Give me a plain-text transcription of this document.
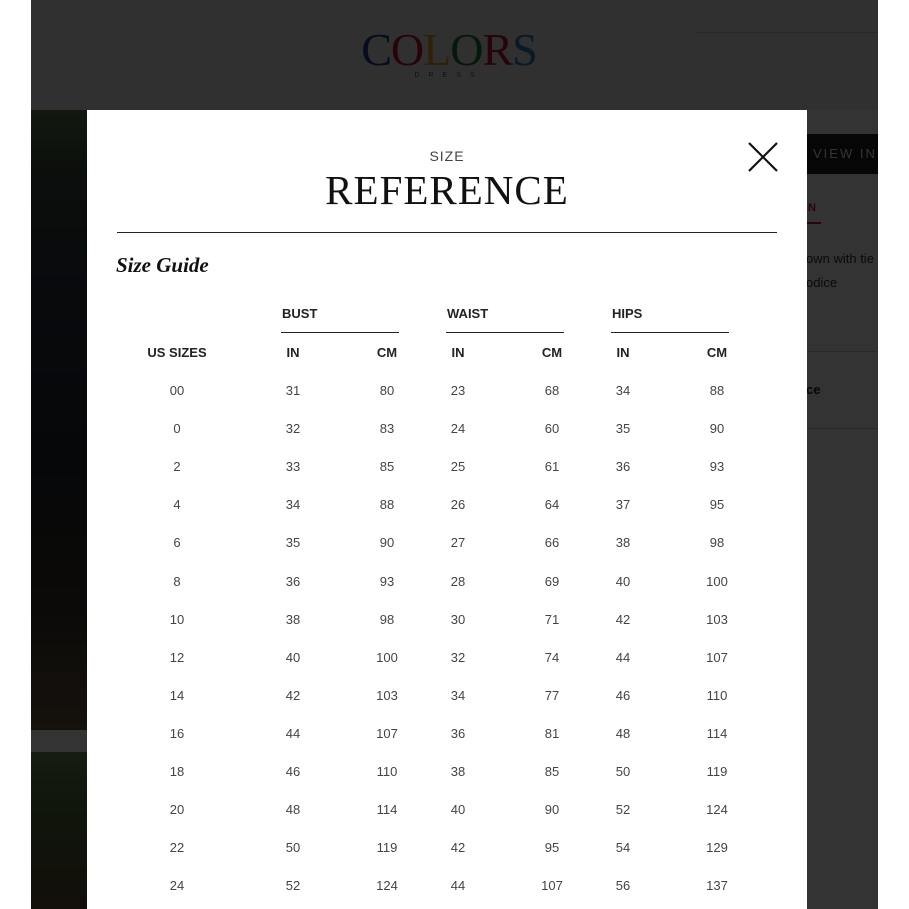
SIZE
REFERENCE
Size Guide
BUST	WAIST	HIPS
US SIZES	IN	CM	IN	CM	IN	CM
00	31	80	23	68	34	88
0	32	83	24	60	35	90
2	33	85	25	61	36	93
4	34	88	26	64	37	95
6	35	90	27	66	38	98
8	36	93	28	69	40	100
10	38	98	30	71	42	103
12	40	100	32	74	44	107
14	42	103	34	77	46	110
16	44	107	36	81	48	114
18	46	110	38	85	50	119
20	48	114	40	90	52	124
22	50	119	42	95	54	129
24	52	124	44	107	56	137
